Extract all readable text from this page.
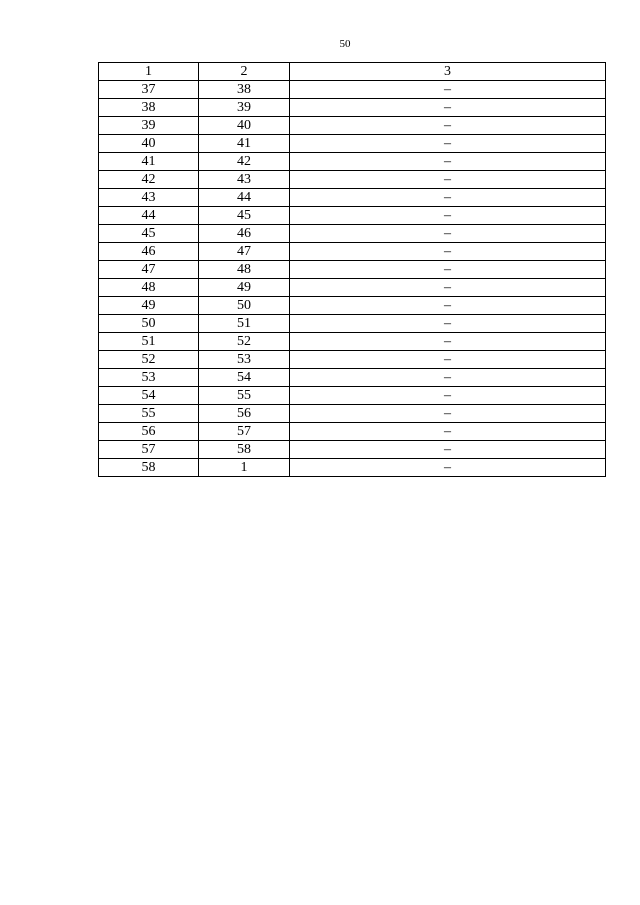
50
1	2	3
37	38	–
38	39	–
39	40	–
40	41	–
41	42	–
42	43	–
43	44	–
44	45	–
45	46	–
46	47	–
47	48	–
48	49	–
49	50	–
50	51	–
51	52	–
52	53	–
53	54	–
54	55	–
55	56	–
56	57	–
57	58	–
58	1	–
